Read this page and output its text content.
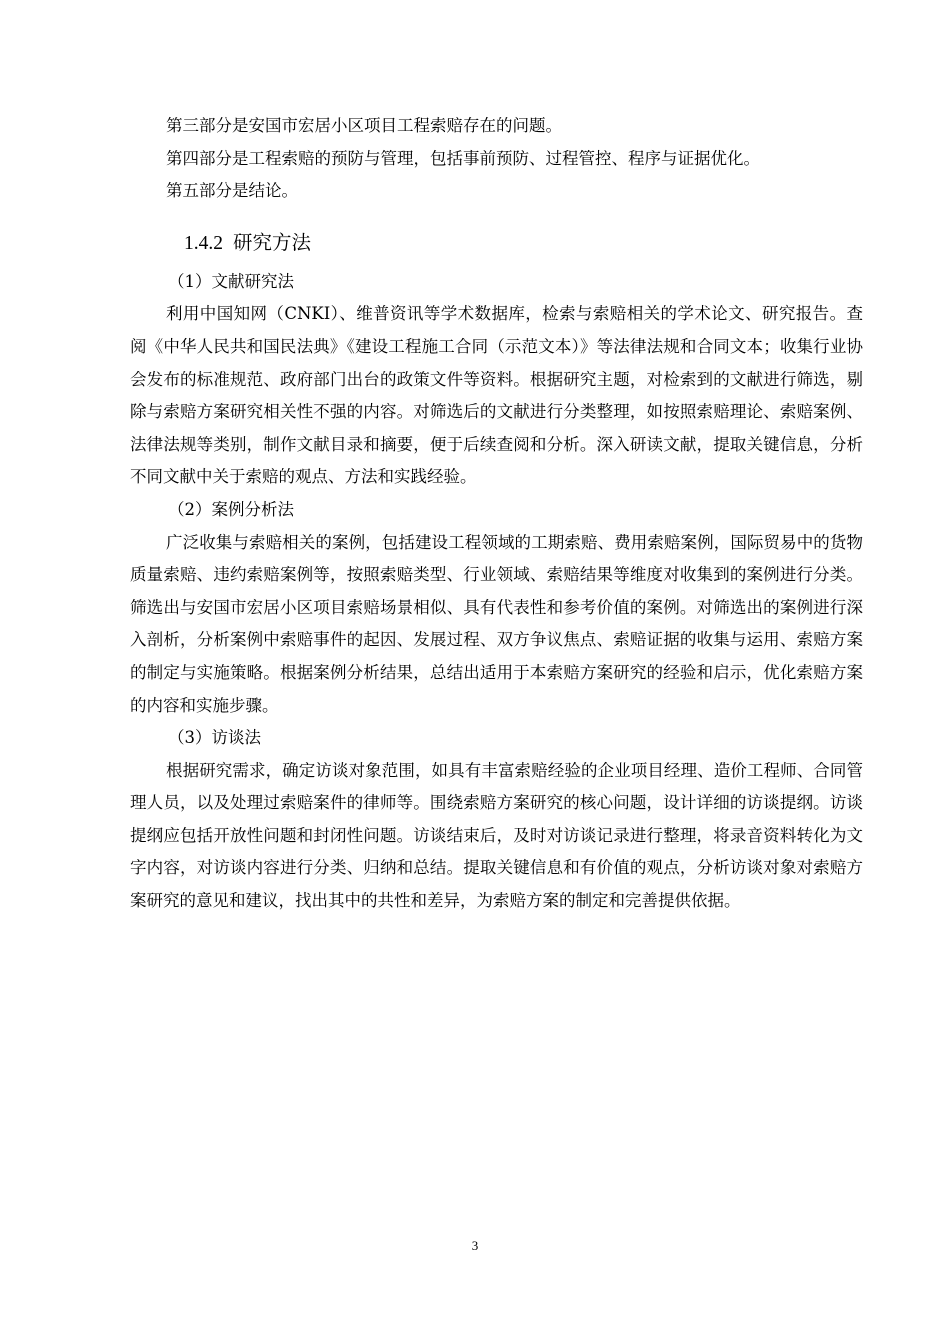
第三部分是安国市宏居小区项目工程索赔存在的问题。

第四部分是工程索赔的预防与管理，包括事前预防、过程管控、程序与证据优化。

第五部分是结论。

1.4.2 研究方法

（1）文献研究法

利用中国知网（CNKI）、维普资讯等学术数据库，检索与索赔相关的学术论文、研究报告。查阅《中华人民共和国民法典》《建设工程施工合同（示范文本）》等法律法规和合同文本；收集行业协会发布的标准规范、政府部门出台的政策文件等资料。根据研究主题，对检索到的文献进行筛选，剔除与索赔方案研究相关性不强的内容。对筛选后的文献进行分类整理，如按照索赔理论、索赔案例、法律法规等类别，制作文献目录和摘要，便于后续查阅和分析。深入研读文献，提取关键信息，分析不同文献中关于索赔的观点、方法和实践经验。

（2）案例分析法

广泛收集与索赔相关的案例，包括建设工程领域的工期索赔、费用索赔案例，国际贸易中的货物质量索赔、违约索赔案例等，按照索赔类型、行业领域、索赔结果等维度对收集到的案例进行分类。筛选出与安国市宏居小区项目索赔场景相似、具有代表性和参考价值的案例。对筛选出的案例进行深入剖析，分析案例中索赔事件的起因、发展过程、双方争议焦点、索赔证据的收集与运用、索赔方案的制定与实施策略。根据案例分析结果，总结出适用于本索赔方案研究的经验和启示，优化索赔方案的内容和实施步骤。

（3）访谈法

根据研究需求，确定访谈对象范围，如具有丰富索赔经验的企业项目经理、造价工程师、合同管理人员，以及处理过索赔案件的律师等。围绕索赔方案研究的核心问题，设计详细的访谈提纲。访谈提纲应包括开放性问题和封闭性问题。访谈结束后，及时对访谈记录进行整理，将录音资料转化为文字内容，对访谈内容进行分类、归纳和总结。提取关键信息和有价值的观点，分析访谈对象对索赔方案研究的意见和建议，找出其中的共性和差异，为索赔方案的制定和完善提供依据。

3
